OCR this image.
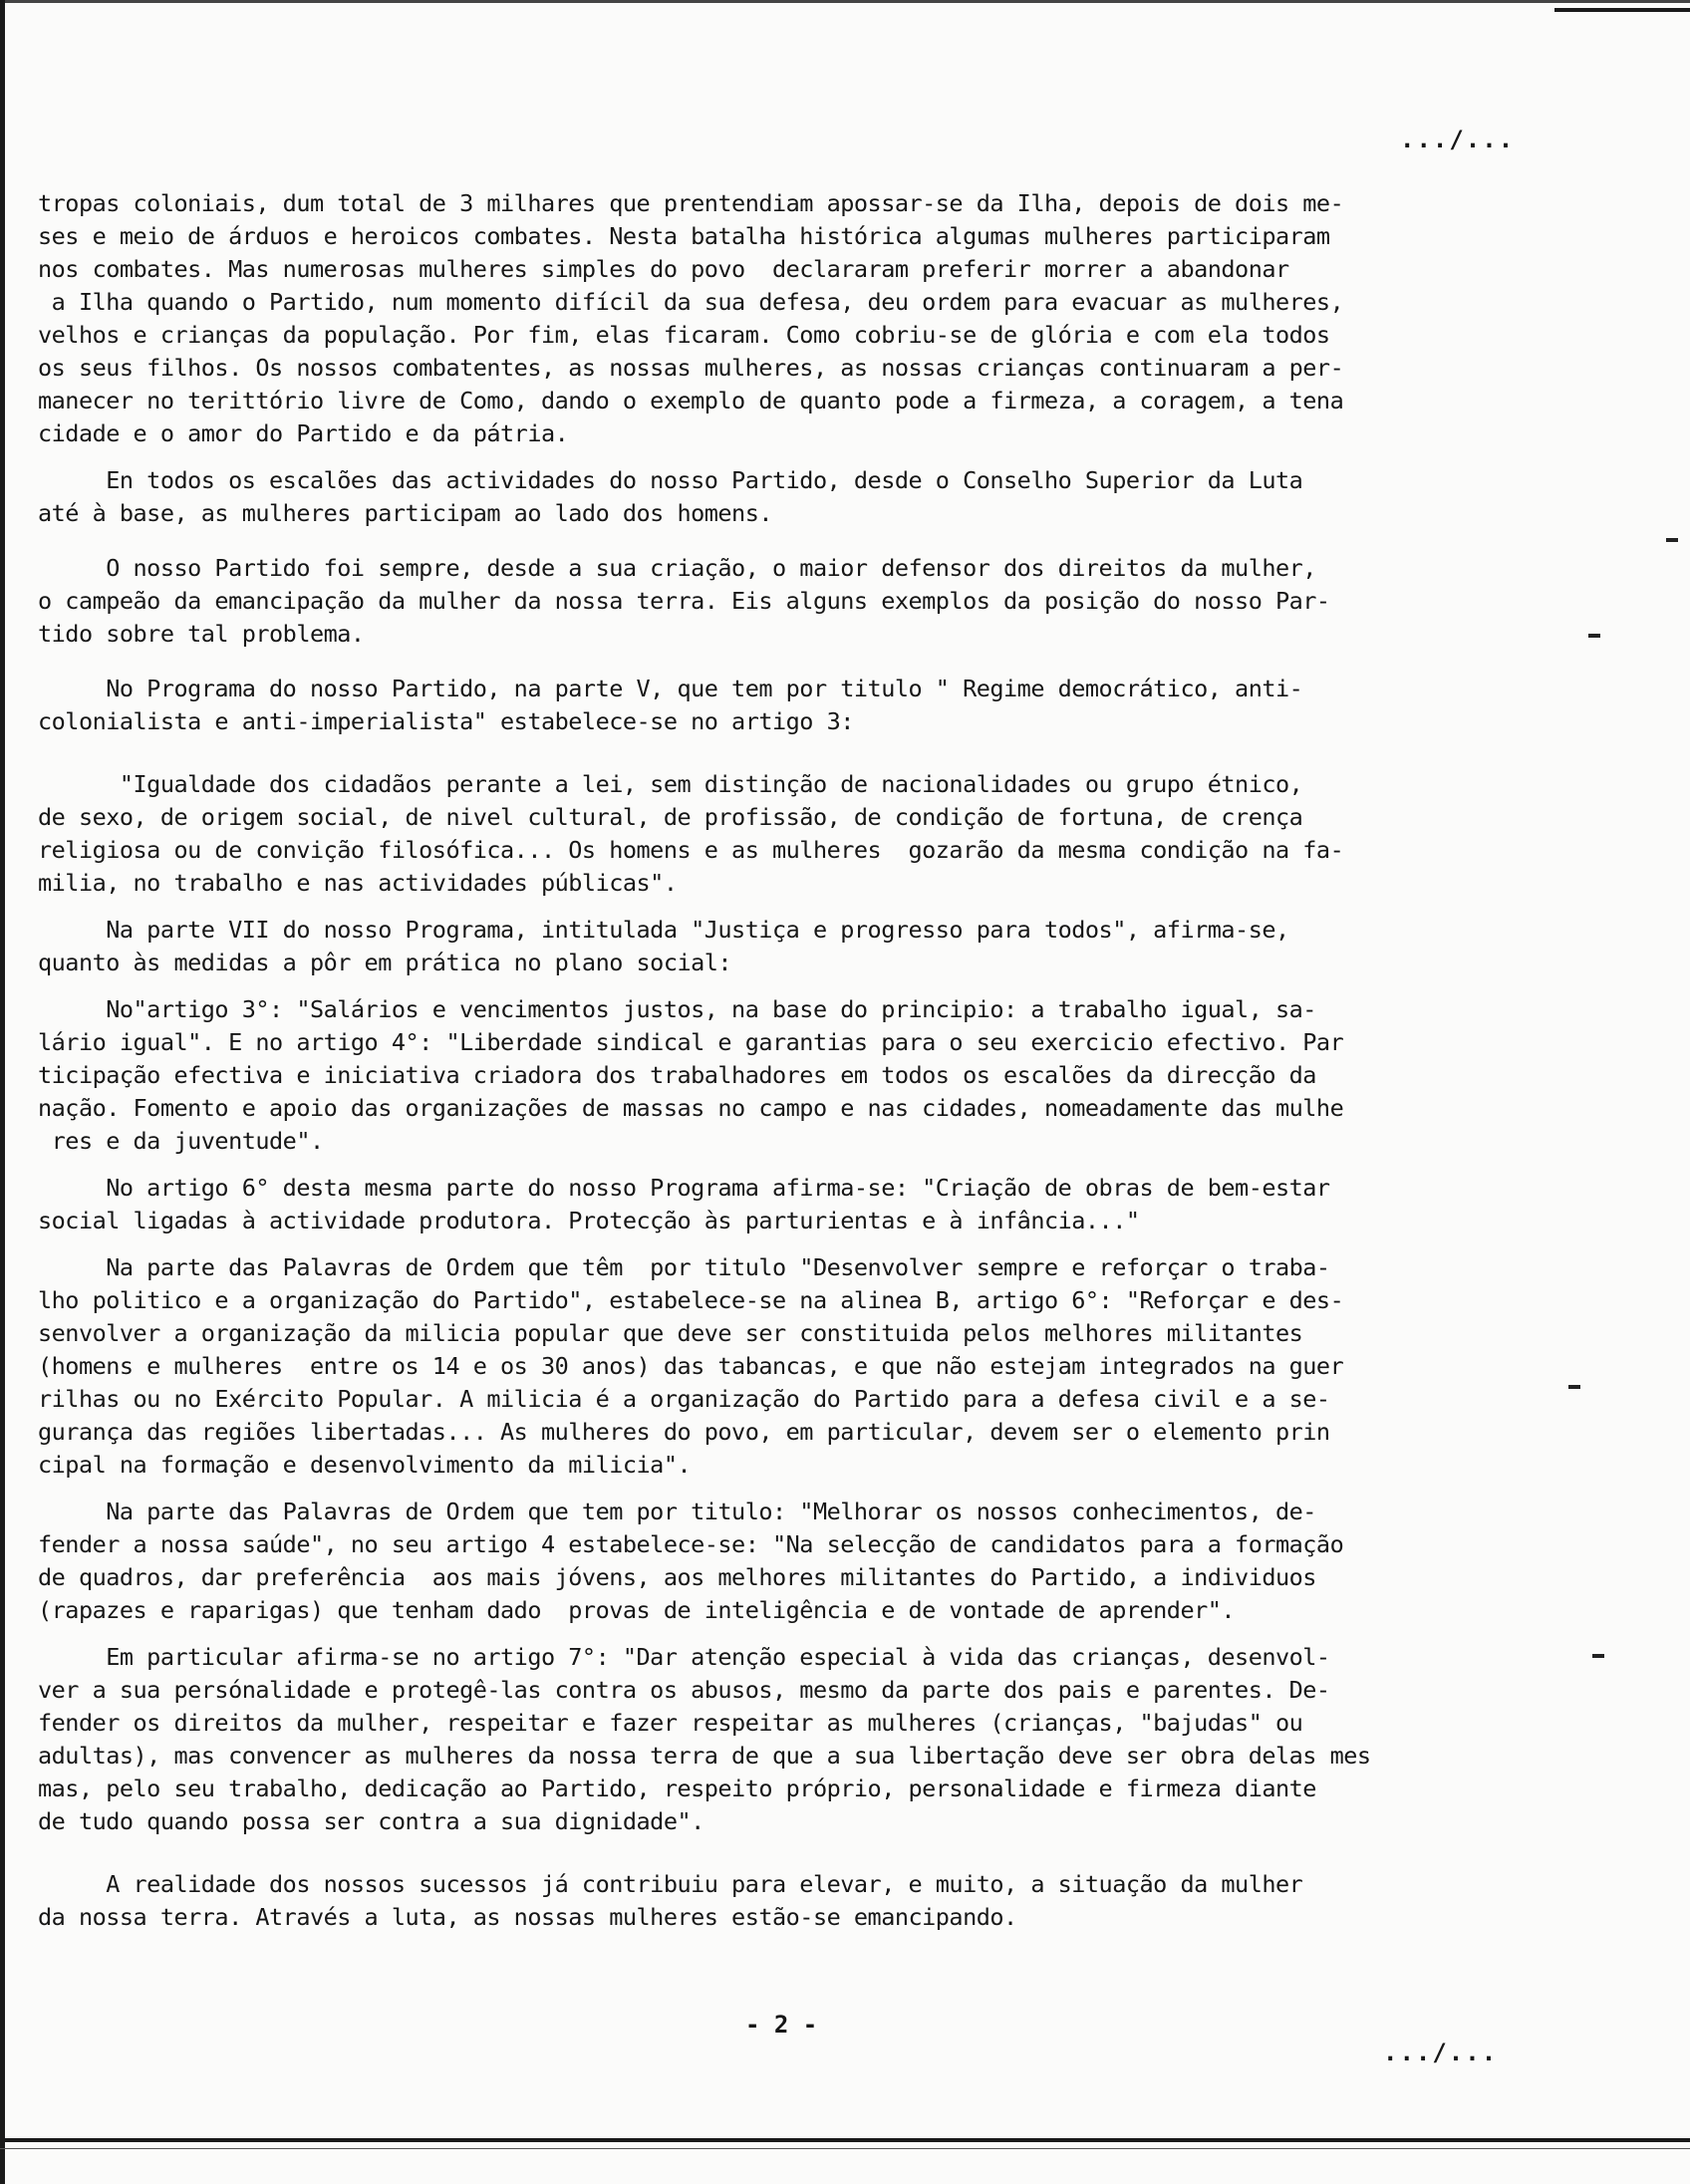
.../...
tropas coloniais, dum total de 3 milhares que prentendiam apossar-se da Ilha, depois de dois me-
ses e meio de árduos e heroicos combates. Nesta batalha histórica algumas mulheres participaram
nos combates. Mas numerosas mulheres simples do povo  declararam preferir morrer a abandonar
a Ilha quando o Partido, num momento difícil da sua defesa, deu ordem para evacuar as mulheres,
velhos e crianças da população. Por fim, elas ficaram. Como cobriu-se de glória e com ela todos
os seus filhos. Os nossos combatentes, as nossas mulheres, as nossas crianças continuaram a per-
manecer no terittório livre de Como, dando o exemplo de quanto pode a firmeza, a coragem, a tena
cidade e o amor do Partido e da pátria.
En todos os escalões das actividades do nosso Partido, desde o Conselho Superior da Luta
até à base, as mulheres participam ao lado dos homens.
O nosso Partido foi sempre, desde a sua criação, o maior defensor dos direitos da mulher,
o campeão da emancipação da mulher da nossa terra. Eis alguns exemplos da posição do nosso Par-
tido sobre tal problema.
No Programa do nosso Partido, na parte V, que tem por titulo " Regime democrático, anti-
colonialista e anti-imperialista" estabelece-se no artigo 3:
"Igualdade dos cidadãos perante a lei, sem distinção de nacionalidades ou grupo étnico,
de sexo, de origem social, de nivel cultural, de profissão, de condição de fortuna, de crença
religiosa ou de convição filosófica... Os homens e as mulheres  gozarão da mesma condição na fa-
milia, no trabalho e nas actividades públicas".
Na parte VII do nosso Programa, intitulada "Justiça e progresso para todos", afirma-se,
quanto às medidas a pôr em prática no plano social:
No"artigo 3°: "Salários e vencimentos justos, na base do principio: a trabalho igual, sa-
lário igual". E no artigo 4°: "Liberdade sindical e garantias para o seu exercicio efectivo. Par
ticipação efectiva e iniciativa criadora dos trabalhadores em todos os escalões da direcção da
nação. Fomento e apoio das organizações de massas no campo e nas cidades, nomeadamente das mulhe
res e da juventude".
No artigo 6° desta mesma parte do nosso Programa afirma-se: "Criação de obras de bem-estar
social ligadas à actividade produtora. Protecção às parturientas e à infância..."
Na parte das Palavras de Ordem que têm  por titulo "Desenvolver sempre e reforçar o traba-
lho politico e a organização do Partido", estabelece-se na alinea B, artigo 6°: "Reforçar e des-
senvolver a organização da milicia popular que deve ser constituida pelos melhores militantes
(homens e mulheres  entre os 14 e os 30 anos) das tabancas, e que não estejam integrados na guer
rilhas ou no Exército Popular. A milicia é a organização do Partido para a defesa civil e a se-
gurança das regiões libertadas... As mulheres do povo, em particular, devem ser o elemento prin
cipal na formação e desenvolvimento da milicia".
Na parte das Palavras de Ordem que tem por titulo: "Melhorar os nossos conhecimentos, de-
fender a nossa saúde", no seu artigo 4 estabelece-se: "Na selecção de candidatos para a formação
de quadros, dar preferência  aos mais jóvens, aos melhores militantes do Partido, a individuos
(rapazes e raparigas) que tenham dado  provas de inteligência e de vontade de aprender".
Em particular afirma-se no artigo 7°: "Dar atenção especial à vida das crianças, desenvol-
ver a sua persónalidade e protegê-las contra os abusos, mesmo da parte dos pais e parentes. De-
fender os direitos da mulher, respeitar e fazer respeitar as mulheres (crianças, "bajudas" ou
adultas), mas convencer as mulheres da nossa terra de que a sua libertação deve ser obra delas mes
mas, pelo seu trabalho, dedicação ao Partido, respeito próprio, personalidade e firmeza diante
de tudo quando possa ser contra a sua dignidade".
A realidade dos nossos sucessos já contribuiu para elevar, e muito, a situação da mulher
da nossa terra. Através a luta, as nossas mulheres estão-se emancipando.
- 2 -
.../...
